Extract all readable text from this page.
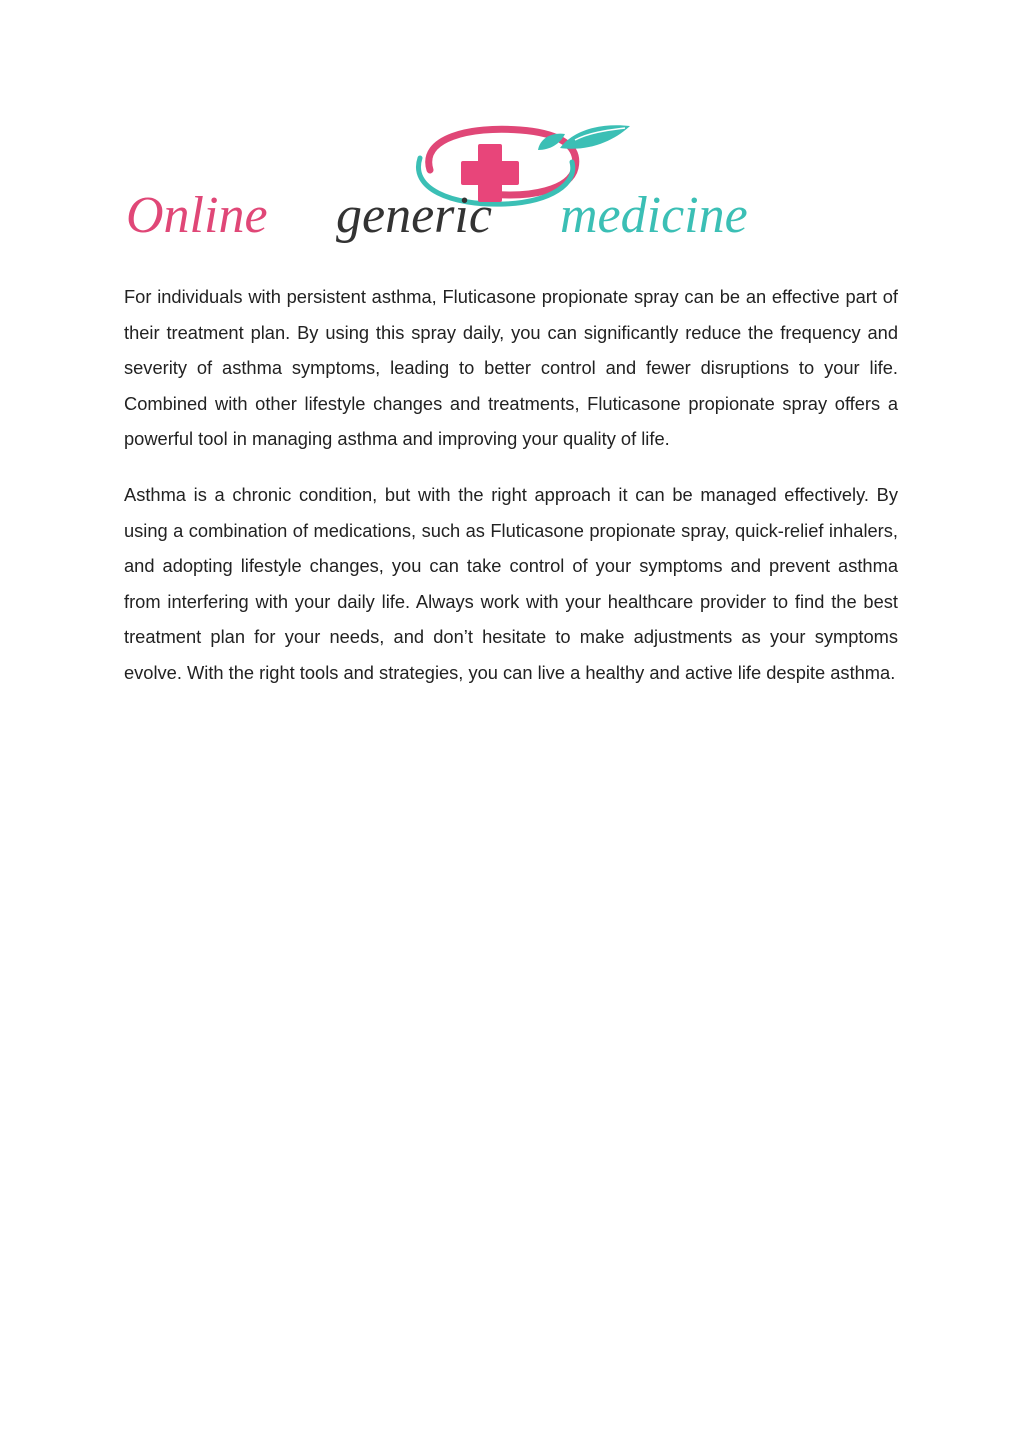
Online generic medicine

For individuals with persistent asthma, Fluticasone propionate spray can be an effective part of their treatment plan. By using this spray daily, you can significantly reduce the frequency and severity of asthma symptoms, leading to better control and fewer disruptions to your life. Combined with other lifestyle changes and treatments, Fluticasone propionate spray offers a powerful tool in managing asthma and improving your quality of life.

Asthma is a chronic condition, but with the right approach it can be managed effectively. By using a combination of medications, such as Fluticasone propionate spray, quick-relief inhalers, and adopting lifestyle changes, you can take control of your symptoms and prevent asthma from interfering with your daily life. Always work with your healthcare provider to find the best treatment plan for your needs, and don’t hesitate to make adjustments as your symptoms evolve. With the right tools and strategies, you can live a healthy and active life despite asthma.
